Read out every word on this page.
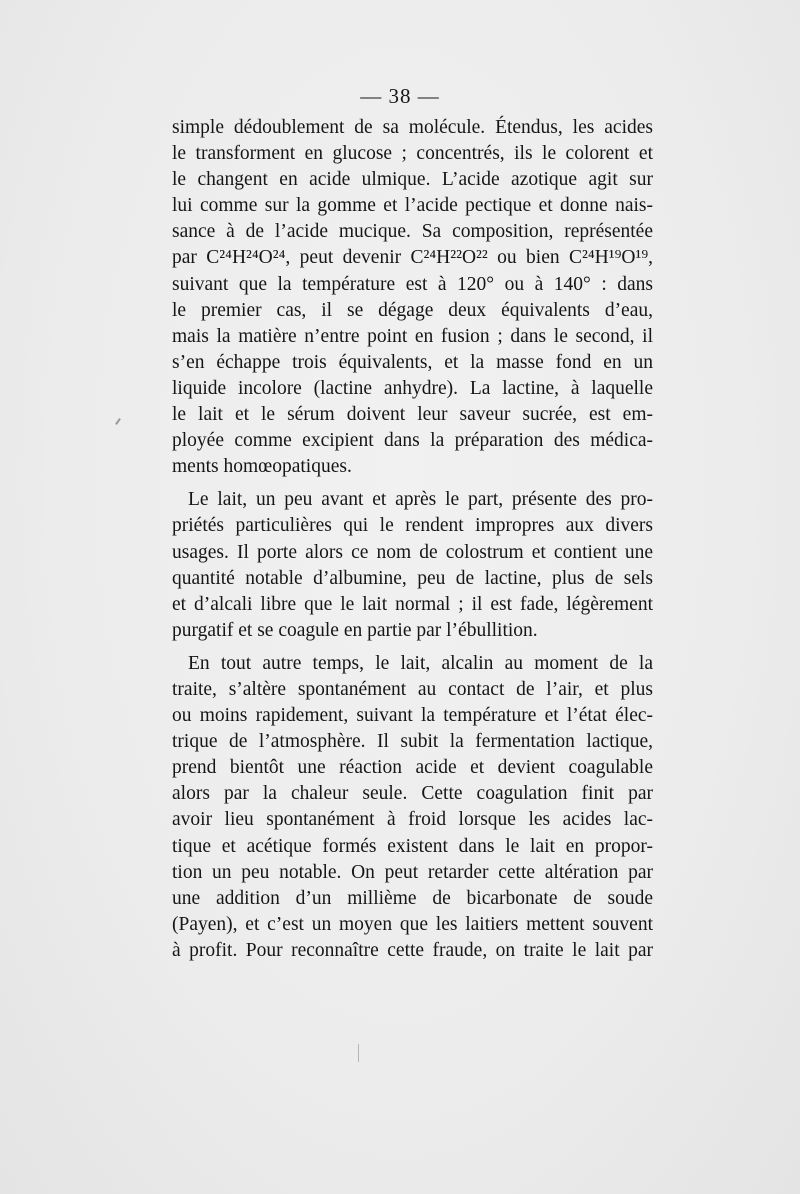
— 38 —
simple dédoublement de sa molécule. Étendus, les acides
le transforment en glucose ; concentrés, ils le colorent et
le changent en acide ulmique. L’acide azotique agit sur
lui comme sur la gomme et l’acide pectique et donne nais-
sance à de l’acide mucique. Sa composition, représentée
par C²⁴H²⁴O²⁴, peut devenir C²⁴H²²O²² ou bien C²⁴H¹⁹O¹⁹,
suivant que la température est à 120° ou à 140° : dans
le premier cas, il se dégage deux équivalents d’eau,
mais la matière n’entre point en fusion ; dans le second, il
s’en échappe trois équivalents, et la masse fond en un
liquide incolore (lactine anhydre). La lactine, à laquelle
le lait et le sérum doivent leur saveur sucrée, est em-
ployée comme excipient dans la préparation des médica-
ments homœopatiques.
Le lait, un peu avant et après le part, présente des pro-
priétés particulières qui le rendent impropres aux divers
usages. Il porte alors ce nom de colostrum et contient une
quantité notable d’albumine, peu de lactine, plus de sels
et d’alcali libre que le lait normal ; il est fade, légèrement
purgatif et se coagule en partie par l’ébullition.
En tout autre temps, le lait, alcalin au moment de la
traite, s’altère spontanément au contact de l’air, et plus
ou moins rapidement, suivant la température et l’état élec-
trique de l’atmosphère. Il subit la fermentation lactique,
prend bientôt une réaction acide et devient coagulable
alors par la chaleur seule. Cette coagulation finit par
avoir lieu spontanément à froid lorsque les acides lac-
tique et acétique formés existent dans le lait en propor-
tion un peu notable. On peut retarder cette altération par
une addition d’un millième de bicarbonate de soude
(Payen), et c’est un moyen que les laitiers mettent souvent
à profit. Pour reconnaître cette fraude, on traite le lait par
